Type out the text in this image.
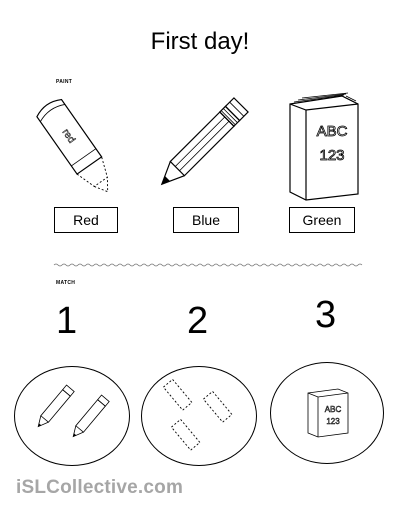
First day!
PAINT
red	ABC
123
Red	Blue	Green
MATCH
1	2	3
ABC
123
iSLCollective.com
